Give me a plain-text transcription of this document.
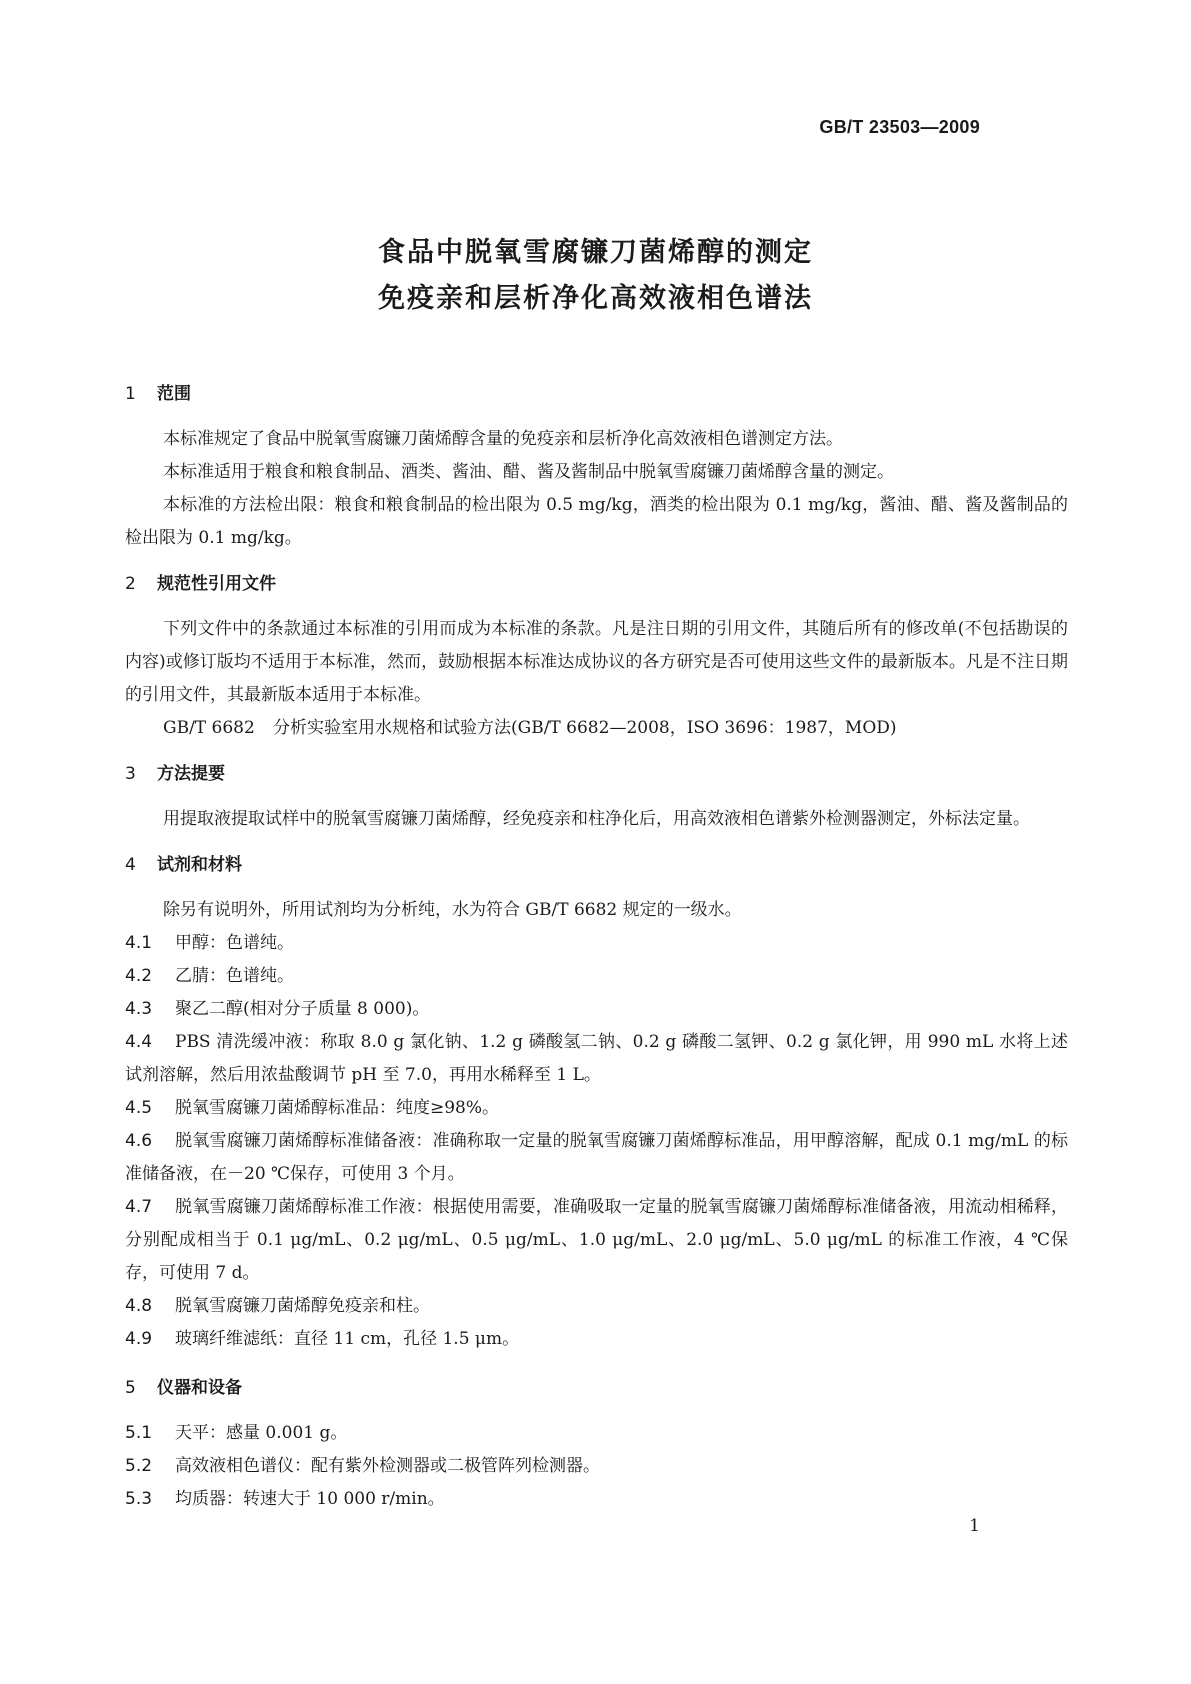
GB/T 23503—2009
食品中脱氧雪腐镰刀菌烯醇的测定
免疫亲和层析净化高效液相色谱法
1 范围

本标准规定了食品中脱氧雪腐镰刀菌烯醇含量的免疫亲和层析净化高效液相色谱测定方法。

本标准适用于粮食和粮食制品、酒类、酱油、醋、酱及酱制品中脱氧雪腐镰刀菌烯醇含量的测定。

本标准的方法检出限：粮食和粮食制品的检出限为 0.5 mg/kg，酒类的检出限为 0.1 mg/kg，酱油、醋、酱及酱制品的检出限为 0.1 mg/kg。

2 规范性引用文件

下列文件中的条款通过本标准的引用而成为本标准的条款。凡是注日期的引用文件，其随后所有的修改单(不包括勘误的内容)或修订版均不适用于本标准，然而，鼓励根据本标准达成协议的各方研究是否可使用这些文件的最新版本。凡是不注日期的引用文件，其最新版本适用于本标准。

GB/T 6682 分析实验室用水规格和试验方法(GB/T 6682—2008，ISO 3696：1987，MOD)

3 方法提要

用提取液提取试样中的脱氧雪腐镰刀菌烯醇，经免疫亲和柱净化后，用高效液相色谱紫外检测器测定，外标法定量。

4 试剂和材料

除另有说明外，所用试剂均为分析纯，水为符合 GB/T 6682 规定的一级水。

4.1 甲醇：色谱纯。

4.2 乙腈：色谱纯。

4.3 聚乙二醇(相对分子质量 8 000)。

4.4 PBS 清洗缓冲液：称取 8.0 g 氯化钠、1.2 g 磷酸氢二钠、0.2 g 磷酸二氢钾、0.2 g 氯化钾，用 990 mL 水将上述试剂溶解，然后用浓盐酸调节 pH 至 7.0，再用水稀释至 1 L。

4.5 脱氧雪腐镰刀菌烯醇标准品：纯度≥98%。

4.6 脱氧雪腐镰刀菌烯醇标准储备液：准确称取一定量的脱氧雪腐镰刀菌烯醇标准品，用甲醇溶解，配成 0.1 mg/mL 的标准储备液，在－20 ℃保存，可使用 3 个月。

4.7 脱氧雪腐镰刀菌烯醇标准工作液：根据使用需要，准确吸取一定量的脱氧雪腐镰刀菌烯醇标准储备液，用流动相稀释，分别配成相当于 0.1 μg/mL、0.2 μg/mL、0.5 μg/mL、1.0 μg/mL、2.0 μg/mL、5.0 μg/mL 的标准工作液，4 ℃保存，可使用 7 d。

4.8 脱氧雪腐镰刀菌烯醇免疫亲和柱。

4.9 玻璃纤维滤纸：直径 11 cm，孔径 1.5 μm。

5 仪器和设备

5.1 天平：感量 0.001 g。

5.2 高效液相色谱仪：配有紫外检测器或二极管阵列检测器。

5.3 均质器：转速大于 10 000 r/min。

1
